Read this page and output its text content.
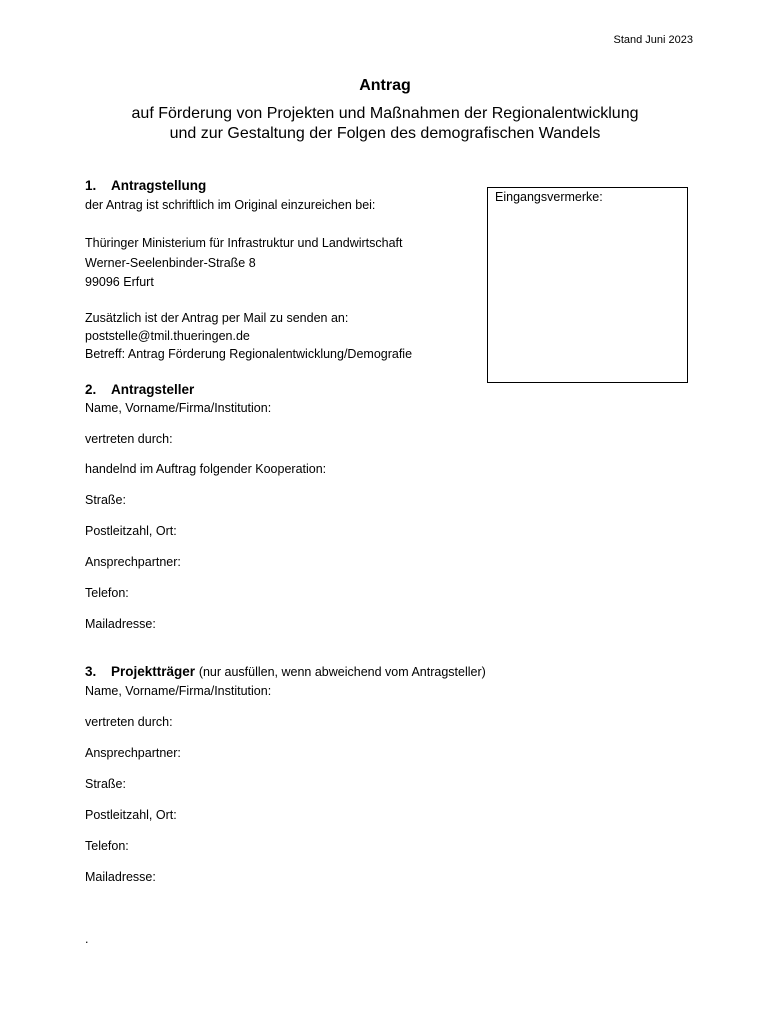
Stand Juni 2023
Antrag
auf Förderung von Projekten und Maßnahmen der Regionalentwicklung
und zur Gestaltung der Folgen des demografischen Wandels
1. Antragstellung
der Antrag ist schriftlich im Original einzureichen bei:
Thüringer Ministerium für Infrastruktur und Landwirtschaft
Werner-Seelenbinder-Straße 8
99096 Erfurt
Zusätzlich ist der Antrag per Mail zu senden an:
poststelle@tmil.thueringen.de
Betreff: Antrag Förderung Regionalentwicklung/Demografie
Eingangsvermerke:
2. Antragsteller
Name, Vorname/Firma/Institution:
vertreten durch:
handelnd im Auftrag folgender Kooperation:
Straße:
Postleitzahl, Ort:
Ansprechpartner:
Telefon:
Mailadresse:
3. Projektträger (nur ausfüllen, wenn abweichend vom Antragsteller)
Name, Vorname/Firma/Institution:
vertreten durch:
Ansprechpartner:
Straße:
Postleitzahl, Ort:
Telefon:
Mailadresse:
.
